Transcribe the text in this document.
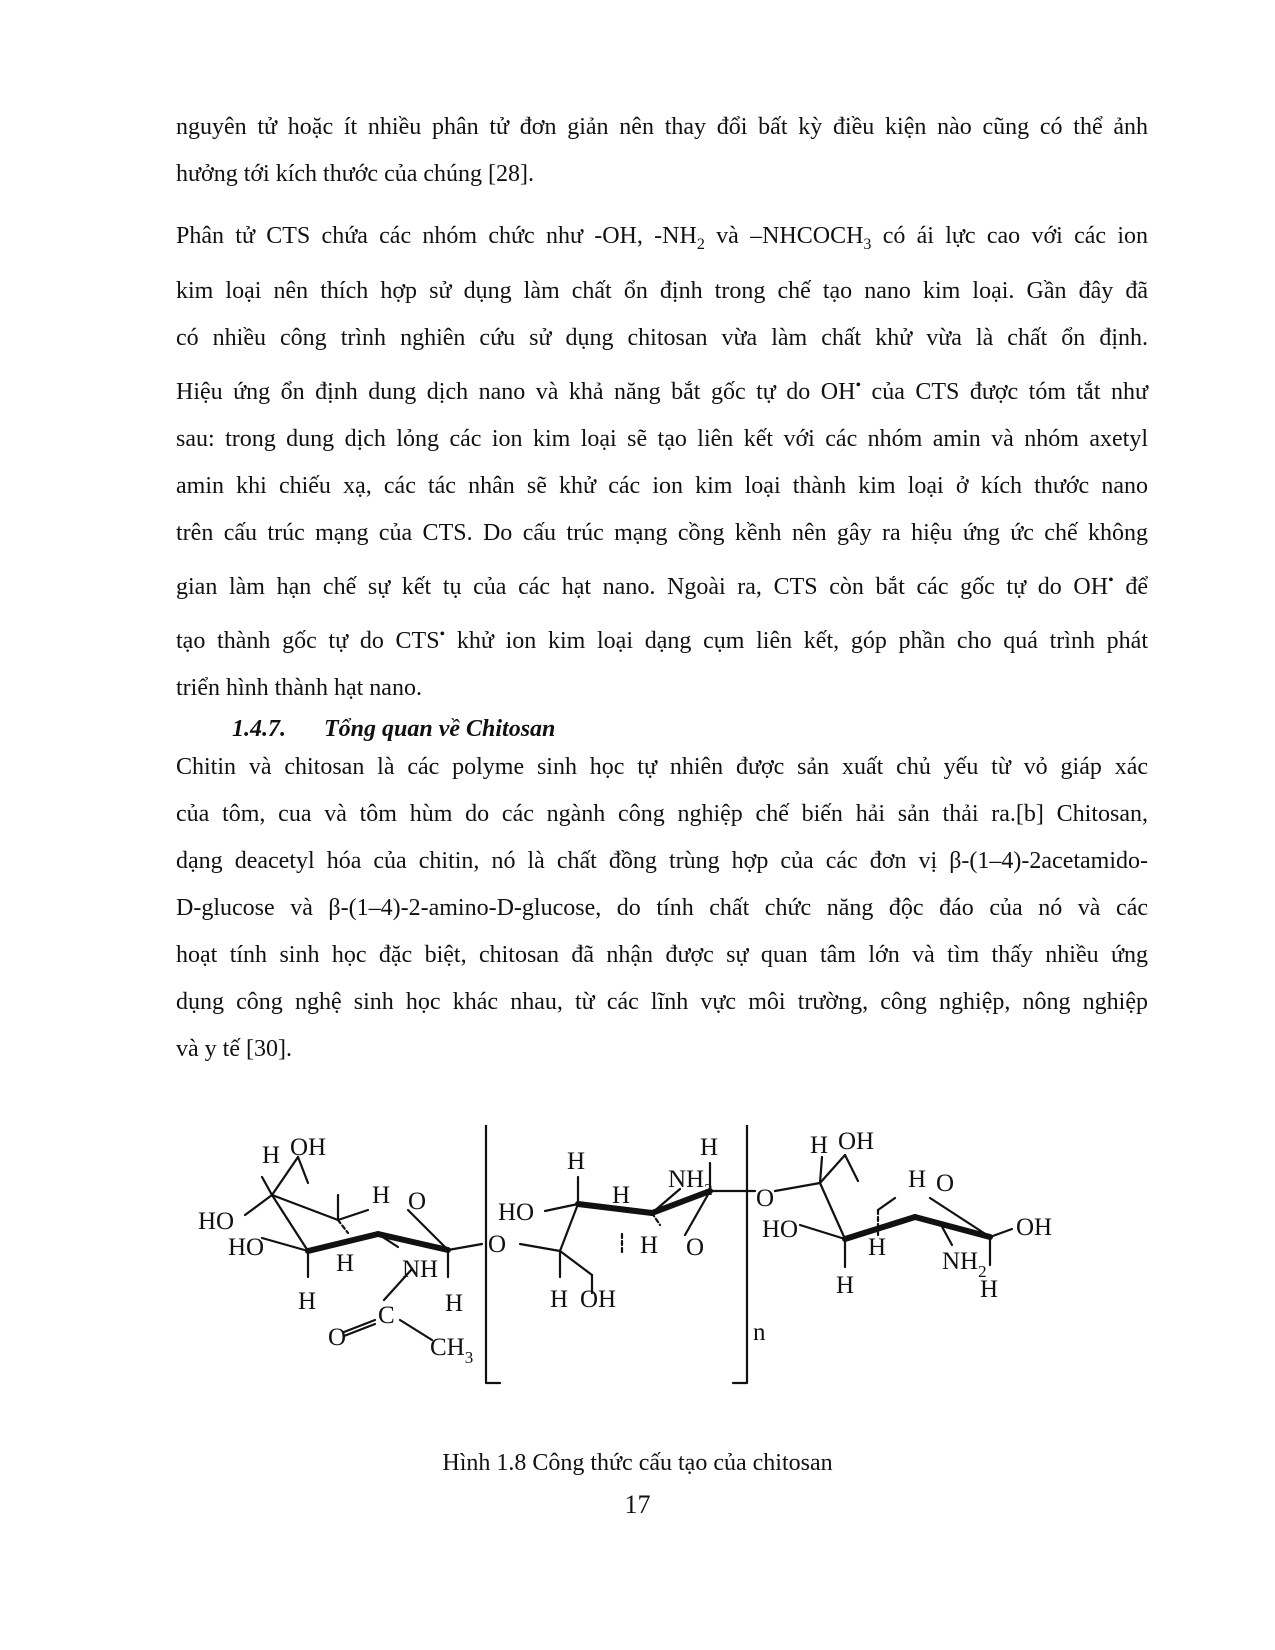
nguyên tử hoặc ít nhiều phân tử đơn giản nên thay đổi bất kỳ điều kiện nào cũng có thể ảnh
hưởng tới kích thước của chúng [28].

Phân tử CTS chứa các nhóm chức như -OH, $-NH_2$ và $-NHCOCH_3$ có ái lực cao với các ion
kim loại nên thích hợp sử dụng làm chất ổn định trong chế tạo nano kim loại. Gần đây đã
có nhiều công trình nghiên cứu sử dụng chitosan vừa làm chất khử vừa là chất ổn định.
Hiệu ứng ổn định dung dịch nano và khả năng bắt gốc tự do OH• của CTS được tóm tắt như
sau: trong dung dịch lỏng các ion kim loại sẽ tạo liên kết với các nhóm amin và nhóm axetyl
amin khi chiếu xạ, các tác nhân sẽ khử các ion kim loại thành kim loại ở kích thước nano
trên cấu trúc mạng của CTS. Do cấu trúc mạng cồng kềnh nên gây ra hiệu ứng ức chế không
gian làm hạn chế sự kết tụ của các hạt nano. Ngoài ra, CTS còn bắt các gốc tự do OH• để
tạo thành gốc tự do CTS• khử ion kim loại dạng cụm liên kết, góp phần cho quá trình phát
triển hình thành hạt nano.

1.4.7. Tổng quan về Chitosan

Chitin và chitosan là các polyme sinh học tự nhiên được sản xuất chủ yếu từ vỏ giáp xác
của tôm, cua và tôm hùm do các ngành công nghiệp chế biến hải sản thải ra.[b] Chitosan,
dạng deacetyl hóa của chitin, nó là chất đồng trùng hợp của các đơn vị β-(1–4)-2acetamido-
D-glucose và β-(1–4)-2-amino-D-glucose, do tính chất chức năng độc đáo của nó và các
hoạt tính sinh học đặc biệt, chitosan đã nhận được sự quan tâm lớn và tìm thấy nhiều ứng
dụng công nghệ sinh học khác nhau, từ các lĩnh vực môi trường, công nghiệp, nông nghiệp
và y tế [30].

H OH
HO
HO
H O
H
H
NH
H
C
O	$CH_3$
O
H
HO
H
H
H OH
$NH_2$
H
O
O
n
H OH
HO
H O
H
H
$NH_2$
H
OH

Hình 1.8 Công thức cấu tạo của chitosan

17
